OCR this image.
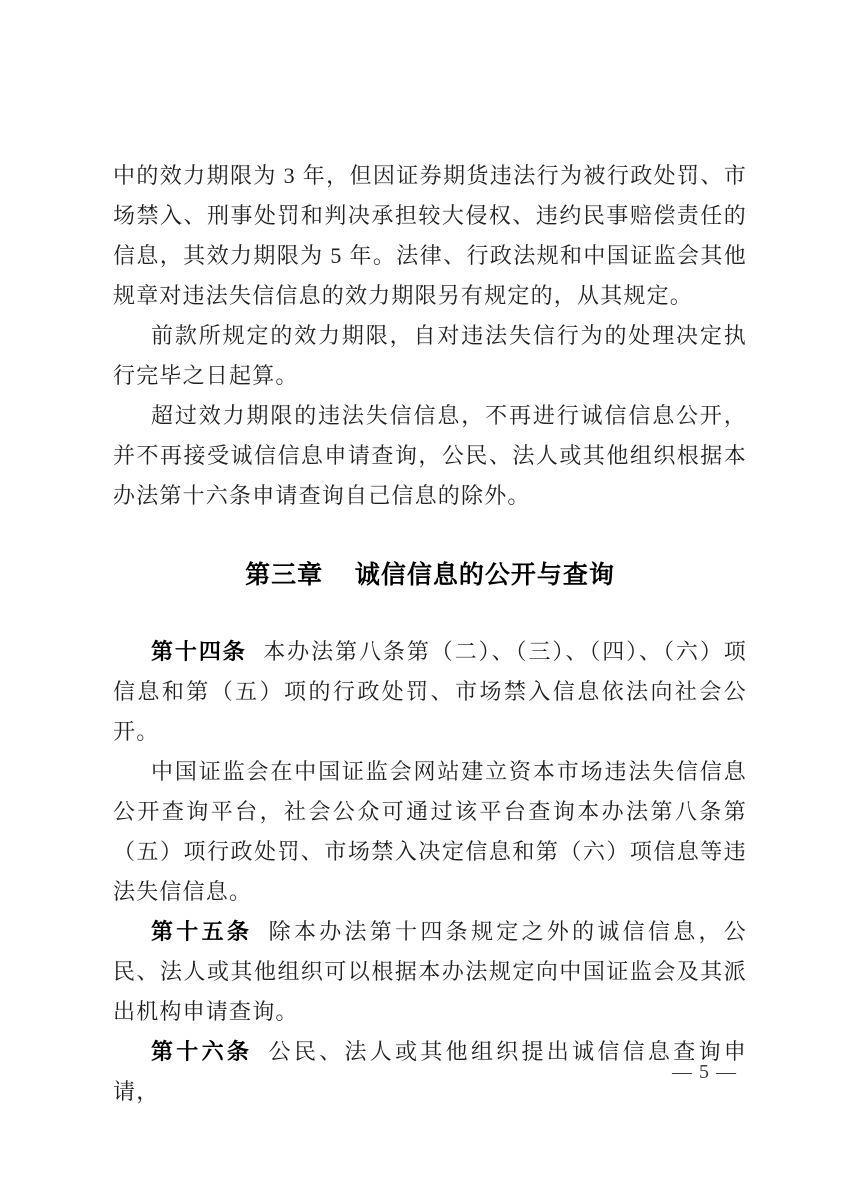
中的效力期限为 3 年，但因证券期货违法行为被行政处罚、市场禁入、刑事处罚和判决承担较大侵权、违约民事赔偿责任的信息，其效力期限为 5 年。法律、行政法规和中国证监会其他规章对违法失信信息的效力期限另有规定的，从其规定。

前款所规定的效力期限，自对违法失信行为的处理决定执行完毕之日起算。

超过效力期限的违法失信信息，不再进行诚信信息公开，并不再接受诚信信息申请查询，公民、法人或其他组织根据本办法第十六条申请查询自己信息的除外。

第三章 诚信信息的公开与查询

第十四条 本办法第八条第（二）、（三）、（四）、（六）项信息和第（五）项的行政处罚、市场禁入信息依法向社会公开。

中国证监会在中国证监会网站建立资本市场违法失信信息公开查询平台，社会公众可通过该平台查询本办法第八条第（五）项行政处罚、市场禁入决定信息和第（六）项信息等违法失信信息。

第十五条 除本办法第十四条规定之外的诚信信息，公民、法人或其他组织可以根据本办法规定向中国证监会及其派出机构申请查询。

第十六条 公民、法人或其他组织提出诚信信息查询申请，

— 5 —
